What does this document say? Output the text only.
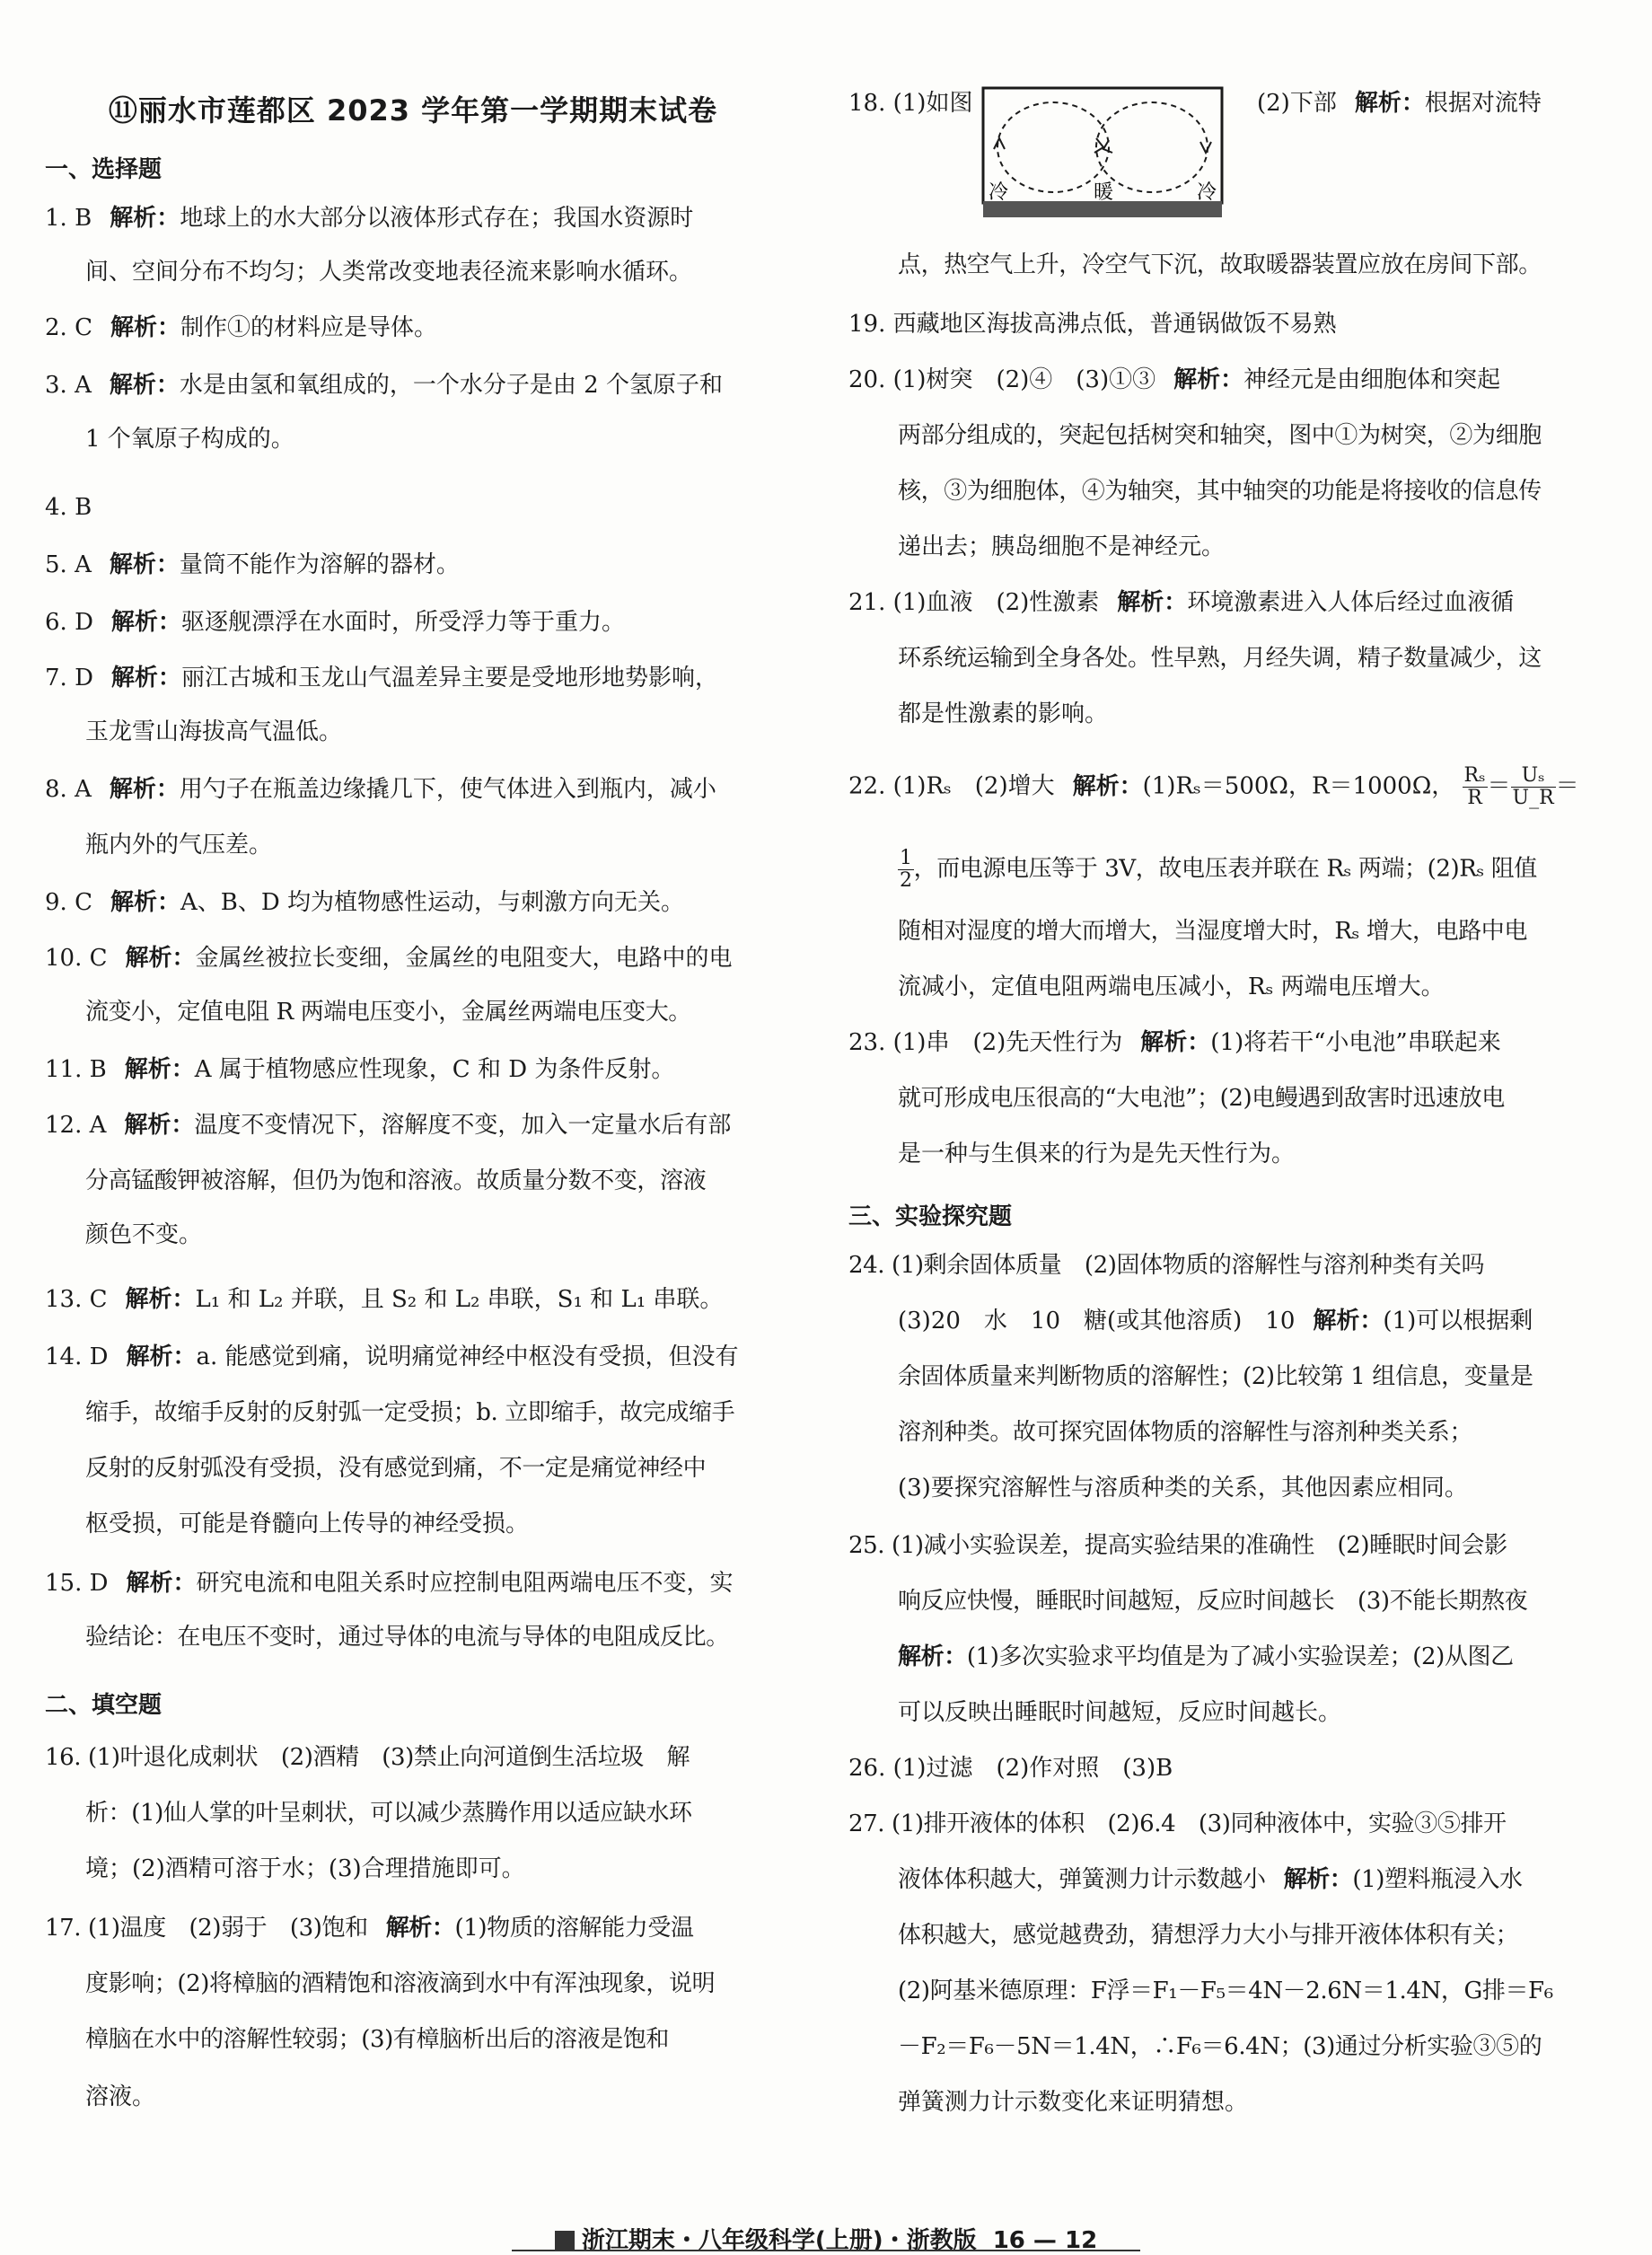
⑪丽水市莲都区 2023 学年第一学期期末试卷
一、选择题
1. B 解析：地球上的水大部分以液体形式存在；我国水资源时
间、空间分布不均匀；人类常改变地表径流来影响水循环。
2. C 解析：制作①的材料应是导体。
3. A 解析：水是由氢和氧组成的，一个水分子是由 2 个氢原子和
1 个氧原子构成的。
4. B
5. A 解析：量筒不能作为溶解的器材。
6. D 解析：驱逐舰漂浮在水面时，所受浮力等于重力。
7. D 解析：丽江古城和玉龙山气温差异主要是受地形地势影响，
玉龙雪山海拔高气温低。
8. A 解析：用勺子在瓶盖边缘撬几下，使气体进入到瓶内，减小
瓶内外的气压差。
9. C 解析：A、B、D 均为植物感性运动，与刺激方向无关。
10. C 解析：金属丝被拉长变细，金属丝的电阻变大，电路中的电
流变小，定值电阻 R 两端电压变小，金属丝两端电压变大。
11. B 解析：A 属于植物感应性现象，C 和 D 为条件反射。
12. A 解析：温度不变情况下，溶解度不变，加入一定量水后有部
分高锰酸钾被溶解，但仍为饱和溶液。故质量分数不变，溶液
颜色不变。
13. C 解析：L₁ 和 L₂ 并联，且 S₂ 和 L₂ 串联，S₁ 和 L₁ 串联。
14. D 解析：a. 能感觉到痛，说明痛觉神经中枢没有受损，但没有
缩手，故缩手反射的反射弧一定受损；b. 立即缩手，故完成缩手
反射的反射弧没有受损，没有感觉到痛，不一定是痛觉神经中
枢受损，可能是脊髓向上传导的神经受损。
15. D 解析：研究电流和电阻关系时应控制电阻两端电压不变，实
验结论：在电压不变时，通过导体的电流与导体的电阻成反比。
二、填空题
16. (1)叶退化成刺状　(2)酒精　(3)禁止向河道倒生活垃圾　解
析：(1)仙人掌的叶呈刺状，可以减少蒸腾作用以适应缺水环
境；(2)酒精可溶于水；(3)合理措施即可。
17. (1)温度　(2)弱于　(3)饱和 解析：(1)物质的溶解能力受温
度影响；(2)将樟脑的酒精饱和溶液滴到水中有浑浊现象，说明
樟脑在水中的溶解性较弱；(3)有樟脑析出后的溶液是饱和
溶液。
18. (1)如图	(2)下部 解析：根据对流特
点，热空气上升，冷空气下沉，故取暖器装置应放在房间下部。
19. 西藏地区海拔高沸点低，普通锅做饭不易熟
20. (1)树突　(2)④　(3)①③ 解析：神经元是由细胞体和突起
两部分组成的，突起包括树突和轴突，图中①为树突，②为细胞
核，③为细胞体，④为轴突，其中轴突的功能是将接收的信息传
递出去；胰岛细胞不是神经元。
21. (1)血液　(2)性激素 解析：环境激素进入人体后经过血液循
环系统运输到全身各处。性早熟，月经失调，精子数量减少，这
都是性激素的影响。
22. (1)Rₛ　(2)增大 解析：(1)Rₛ＝500Ω，R＝1000Ω， $\frac{\text{Rₛ}}{R} = \frac{\text{Uₛ}}{U\_R}$ ＝
$\frac{1}{2}$ ，而电源电压等于 3V，故电压表并联在 Rₛ 两端；(2)Rₛ 阻值
随相对湿度的增大而增大，当湿度增大时，Rₛ 增大，电路中电
流减小，定值电阻两端电压减小，Rₛ 两端电压增大。
23. (1)串　(2)先天性行为 解析：(1)将若干“小电池”串联起来
就可形成电压很高的“大电池”；(2)电鳗遇到敌害时迅速放电
是一种与生俱来的行为是先天性行为。
三、实验探究题
24. (1)剩余固体质量　(2)固体物质的溶解性与溶剂种类有关吗
(3)20　水　10　糖(或其他溶质)　10 解析：(1)可以根据剩
余固体质量来判断物质的溶解性；(2)比较第 1 组信息，变量是
溶剂种类。故可探究固体物质的溶解性与溶剂种类关系；
(3)要探究溶解性与溶质种类的关系，其他因素应相同。
25. (1)减小实验误差，提高实验结果的准确性　(2)睡眠时间会影
响反应快慢，睡眠时间越短，反应时间越长　(3)不能长期熬夜
解析：(1)多次实验求平均值是为了减小实验误差；(2)从图乙
可以反映出睡眠时间越短，反应时间越长。
26. (1)过滤　(2)作对照　(3)B
27. (1)排开液体的体积　(2)6.4　(3)同种液体中，实验③⑤排开
液体体积越大，弹簧测力计示数越小 解析：(1)塑料瓶浸入水
体积越大，感觉越费劲，猜想浮力大小与排开液体体积有关；
(2)阿基米德原理：F浮＝F₁－F₅＝4N－2.6N＝1.4N，G排＝F₆
－F₂＝F₆－5N＝1.4N，∴F₆＝6.4N；(3)通过分析实验③⑤的
弹簧测力计示数变化来证明猜想。
冷	暖	冷
浙江期末・八年级科学(上册)・浙教版 16 — 12
